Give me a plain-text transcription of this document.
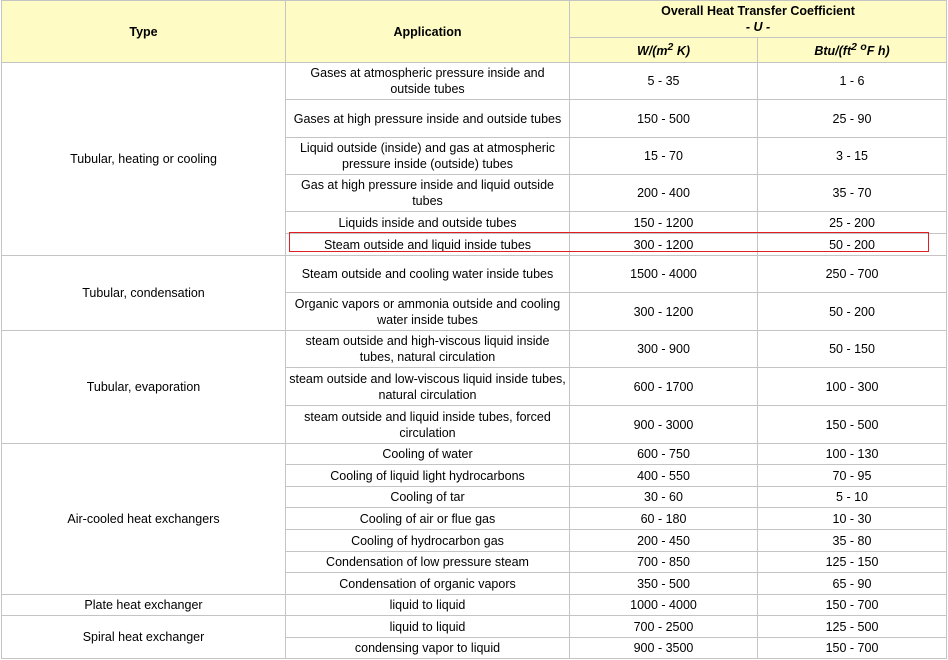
Type	Application	Overall Heat Transfer Coefficient
- U -	

		$W/(m^2$ K)	Btu/($ft^2$ $^o$F h)
Tubular, heating or cooling	Gases at atmospheric pressure inside and outside tubes	5 - 35	1 - 6
	Gases at high pressure inside and outside tubes	150 - 500	25 - 90
	Liquid outside (inside) and gas at atmospheric pressure inside (outside) tubes	15 - 70	3 - 15
	Gas at high pressure inside and liquid outside tubes	200 - 400	35 - 70
	Liquids inside and outside tubes	150 - 1200	25 - 200
	Steam outside and liquid inside tubes	300 - 1200	50 - 200
Tubular, condensation	Steam outside and cooling water inside tubes	1500 - 4000	250 - 700
	Organic vapors or ammonia outside and cooling water inside tubes	300 - 1200	50 - 200
Tubular, evaporation	steam outside and high-viscous liquid inside tubes, natural circulation	300 - 900	50 - 150
	steam outside and low-viscous liquid inside tubes, natural circulation	600 - 1700	100 - 300
	steam outside and liquid inside tubes, forced circulation	900 - 3000	150 - 500
Air-cooled heat exchangers	Cooling of water	600 - 750	100 - 130
	Cooling of liquid light hydrocarbons	400 - 550	70 - 95
	Cooling of tar	30 - 60	5 - 10
	Cooling of air or flue gas	60 - 180	10 - 30
	Cooling of hydrocarbon gas	200 - 450	35 - 80
	Condensation of low pressure steam	700 - 850	125 - 150
	Condensation of organic vapors	350 - 500	65 - 90
Plate heat exchanger	liquid to liquid	1000 - 4000	150 - 700
Spiral heat exchanger	liquid to liquid	700 - 2500	125 - 500
	condensing vapor to liquid	900 - 3500	150 - 700
